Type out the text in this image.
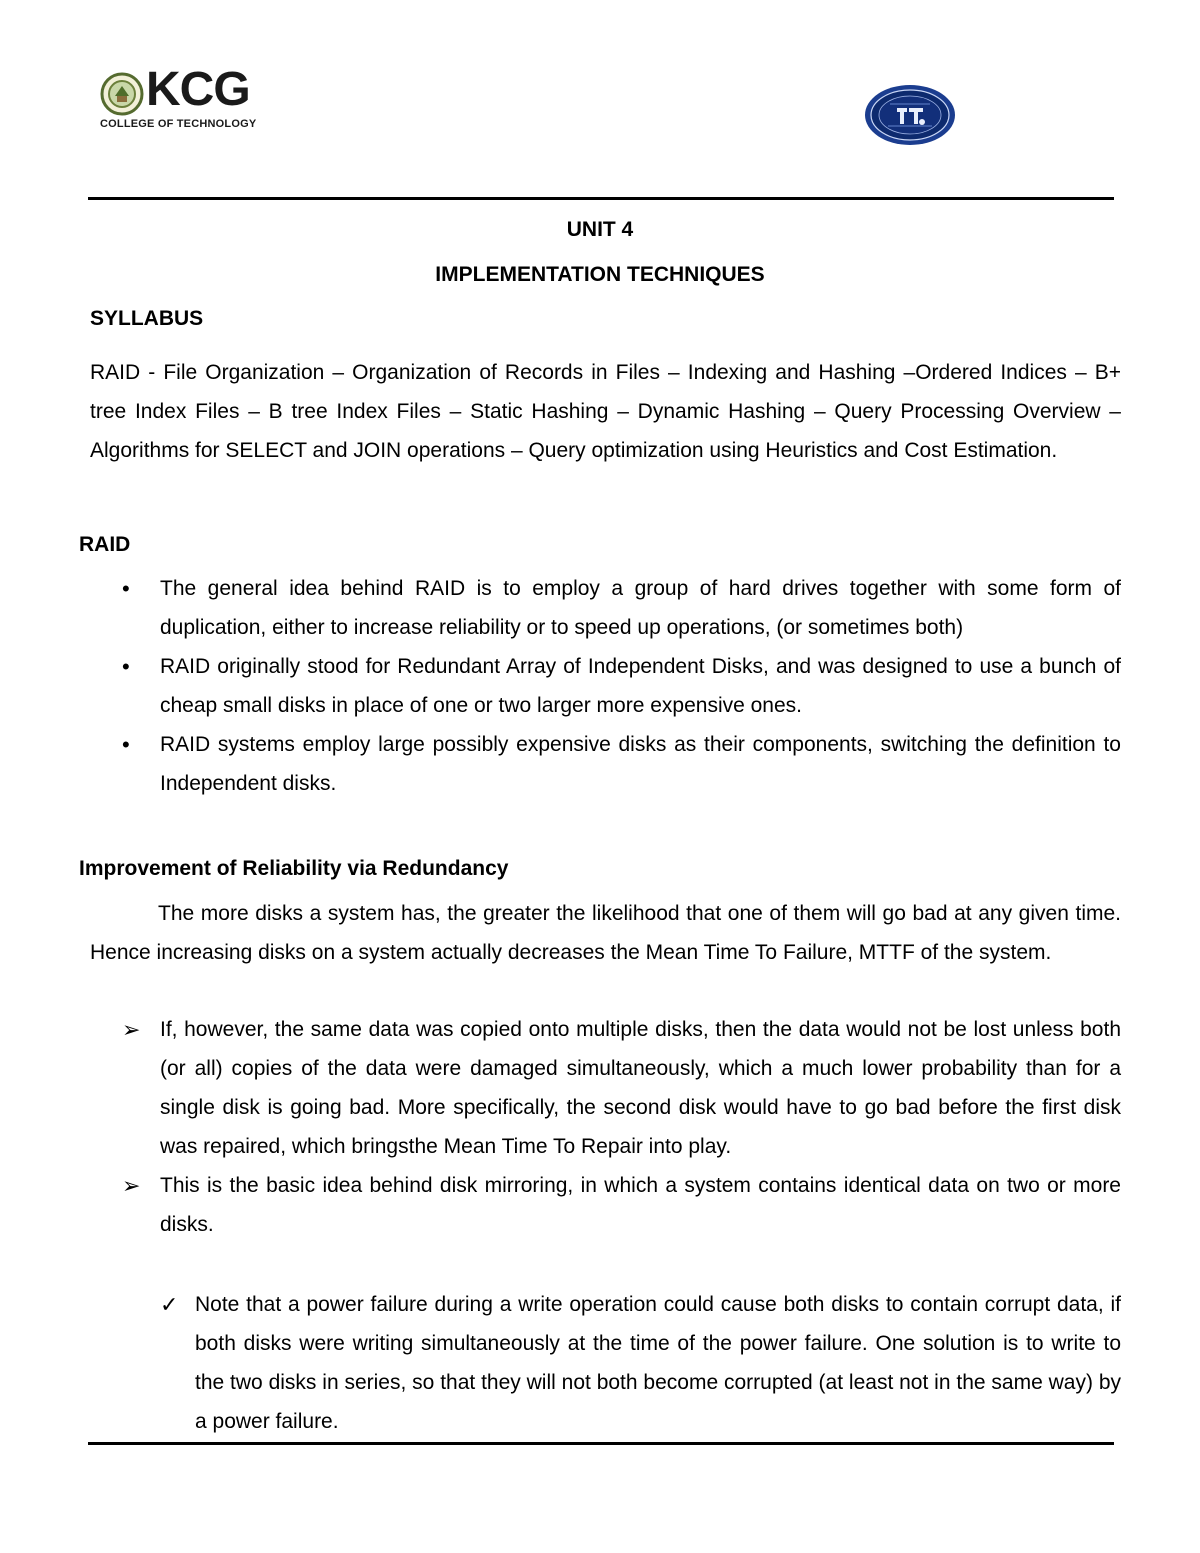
KCG
COLLEGE OF TECHNOLOGY
UNIT 4
IMPLEMENTATION TECHNIQUES
SYLLABUS
RAID - File Organization – Organization of Records in Files – Indexing and Hashing –Ordered Indices – B+ tree Index Files – B tree Index Files – Static Hashing – Dynamic Hashing – Query Processing Overview – Algorithms for SELECT and JOIN operations – Query optimization using Heuristics and Cost Estimation.
RAID
• The general idea behind RAID is to employ a group of hard drives together with some form of duplication, either to increase reliability or to speed up operations, (or sometimes both)
• RAID originally stood for Redundant Array of Independent Disks, and was designed to use a bunch of cheap small disks in place of one or two larger more expensive ones.
• RAID systems employ large possibly expensive disks as their components, switching the definition to Independent disks.
Improvement of Reliability via Redundancy
The more disks a system has, the greater the likelihood that one of them will go bad at any given time. Hence increasing disks on a system actually decreases the Mean Time To Failure, MTTF of the system.
➢ If, however, the same data was copied onto multiple disks, then the data would not be lost unless both (or all) copies of the data were damaged simultaneously, which a much lower probability than for a single disk is going bad. More specifically, the second disk would have to go bad before the first disk was repaired, which bringsthe Mean Time To Repair into play.
➢ This is the basic idea behind disk mirroring, in which a system contains identical data on two or more disks.
✓ Note that a power failure during a write operation could cause both disks to contain corrupt data, if both disks were writing simultaneously at the time of the power failure. One solution is to write to the two disks in series, so that they will not both become corrupted (at least not in the same way) by a power failure.
